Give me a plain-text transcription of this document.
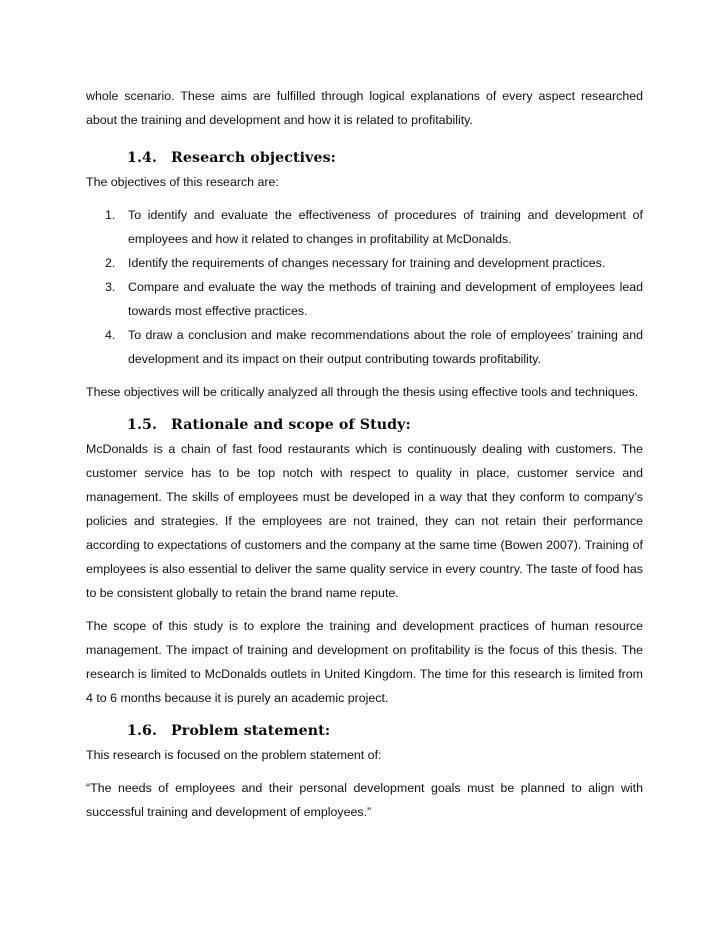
whole scenario. These aims are fulfilled through logical explanations of every aspect researched about the training and development and how it is related to profitability.

1.4. Research objectives:

The objectives of this research are:

1. To identify and evaluate the effectiveness of procedures of training and development of employees and how it related to changes in profitability at McDonalds.
2. Identify the requirements of changes necessary for training and development practices.
3. Compare and evaluate the way the methods of training and development of employees lead towards most effective practices.
4. To draw a conclusion and make recommendations about the role of employees’ training and development and its impact on their output contributing towards profitability.

These objectives will be critically analyzed all through the thesis using effective tools and techniques.

1.5. Rationale and scope of Study:

McDonalds is a chain of fast food restaurants which is continuously dealing with customers. The customer service has to be top notch with respect to quality in place, customer service and management. The skills of employees must be developed in a way that they conform to company’s policies and strategies. If the employees are not trained, they can not retain their performance according to expectations of customers and the company at the same time (Bowen 2007). Training of employees is also essential to deliver the same quality service in every country. The taste of food has to be consistent globally to retain the brand name repute.

The scope of this study is to explore the training and development practices of human resource management. The impact of training and development on profitability is the focus of this thesis. The research is limited to McDonalds outlets in United Kingdom. The time for this research is limited from 4 to 6 months because it is purely an academic project.

1.6. Problem statement:

This research is focused on the problem statement of:

“The needs of employees and their personal development goals must be planned to align with successful training and development of employees.”
